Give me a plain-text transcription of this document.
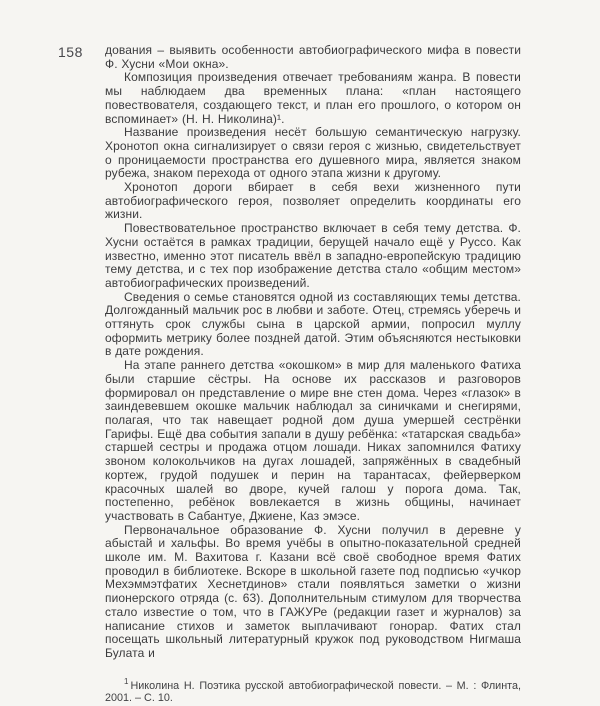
158 дования – выявить особенности автобиографического мифа в повести Ф. Хусни «Мои окна».

Композиция произведения отвечает требованиям жанра. В повести мы наблюдаем два временных плана: «план настоящего повествователя, создающего текст, и план его прошлого, о котором он вспоминает» (Н. Н. Николина)¹.

Название произведения несёт большую семантическую нагрузку. Хронотоп окна сигнализирует о связи героя с жизнью, свидетельствует о проницаемости пространства его душевного мира, является знаком рубежа, знаком перехода от одного этапа жизни к другому.

Хронотоп дороги вбирает в себя вехи жизненного пути автобиографического героя, позволяет определить координаты его жизни.

Повествовательное пространство включает в себя тему детства. Ф. Хусни остаётся в рамках традиции, берущей начало ещё у Руссо. Как известно, именно этот писатель ввёл в западно-европейскую традицию тему детства, и с тех пор изображение детства стало «общим местом» автобиографических произведений.

Сведения о семье становятся одной из составляющих темы детства. Долгожданный мальчик рос в любви и заботе. Отец, стремясь уберечь и оттянуть срок службы сына в царской армии, попросил муллу оформить метрику более поздней датой. Этим объясняются нестыковки в дате рождения.

На этапе раннего детства «окошком» в мир для маленького Фатиха были старшие сёстры. На основе их рассказов и разговоров формировал он представление о мире вне стен дома. Через «глазок» в заиндевевшем окошке мальчик наблюдал за синичками и снегирями, полагая, что так навещает родной дом душа умершей сестрёнки Гарифы. Ещё два события запали в душу ребёнка: «татарская свадьба» старшей сестры и продажа отцом лошади. Никах запомнился Фатиху звоном колокольчиков на дугах лошадей, запряжённых в свадебный кортеж, грудой подушек и перин на тарантасах, фейерверком красочных шалей во дворе, кучей галош у порога дома. Так, постепенно, ребёнок вовлекается в жизнь общины, начинает участвовать в Сабантуе, Джиене, Каз эмэсе.

Первоначальное образование Ф. Хусни получил в деревне у абыстай и хальфы. Во время учёбы в опытно-показательной средней школе им. М. Вахитова г. Казани всё своё свободное время Фатих проводил в библиотеке. Вскоре в школьной газете под подписью «учкор Мехэммэтфатих Хеснетдинов» стали появляться заметки о жизни пионерского отряда (с. 63). Дополнительным стимулом для творчества стало известие о том, что в ГАЖУРе (редакции газет и журналов) за написание стихов и заметок выплачивают гонорар. Фатих стал посещать школьный литературный кружок под руководством Нигмаша Булата и

$^1$ Николина Н. Поэтика русской автобиографической повести. – М. : Флинта, 2001. – С. 10.
